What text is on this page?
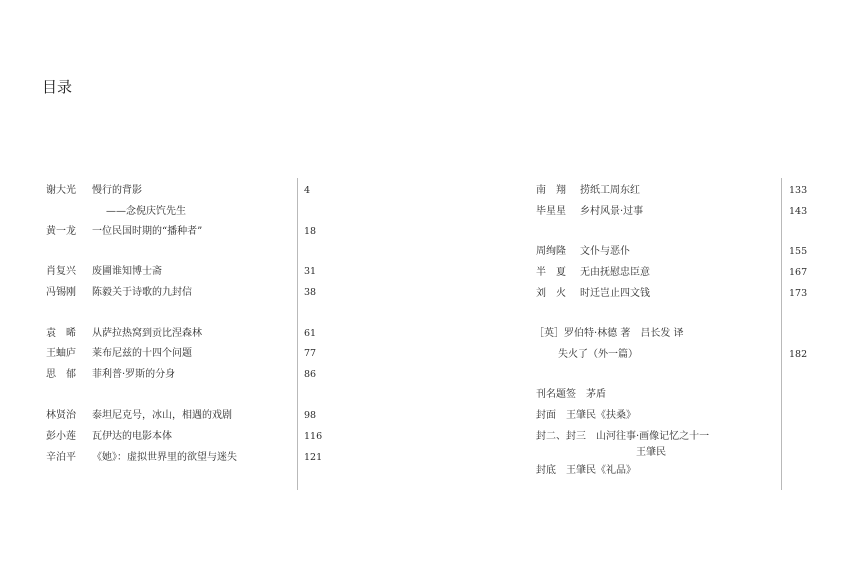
目录
谢大光 慢行的背影	4
——念倪庆饩先生
黄一龙 一位民国时期的“播种者”	18
肖复兴 废圃谁知博士斋	31
冯锡刚 陈毅关于诗歌的九封信	38
袁　晞 从萨拉热窝到贡比涅森林	61
王蚰庐 莱布尼兹的十四个问题	77
思　郁 菲利普·罗斯的分身	86
林贤治 泰坦尼克号，冰山，相遇的戏剧	98
彭小莲 瓦伊达的电影本体	116
辛泊平 《她》：虚拟世界里的欲望与迷失	121
南　翔 捞纸工周东红	133
毕星星 乡村风景·过事	143
周绚隆 文仆与恶仆	155
半　夏 无由抚慰忠臣意	167
刘　火 时迁岂止四文钱	173
［英］罗伯特·林德 著　吕长发 译
失火了（外一篇）	182
刊名题签　茅盾
封面　王肇民《扶桑》
封二、封三　山河往事·画像记忆之十一
王肇民
封底　王肇民《礼品》
